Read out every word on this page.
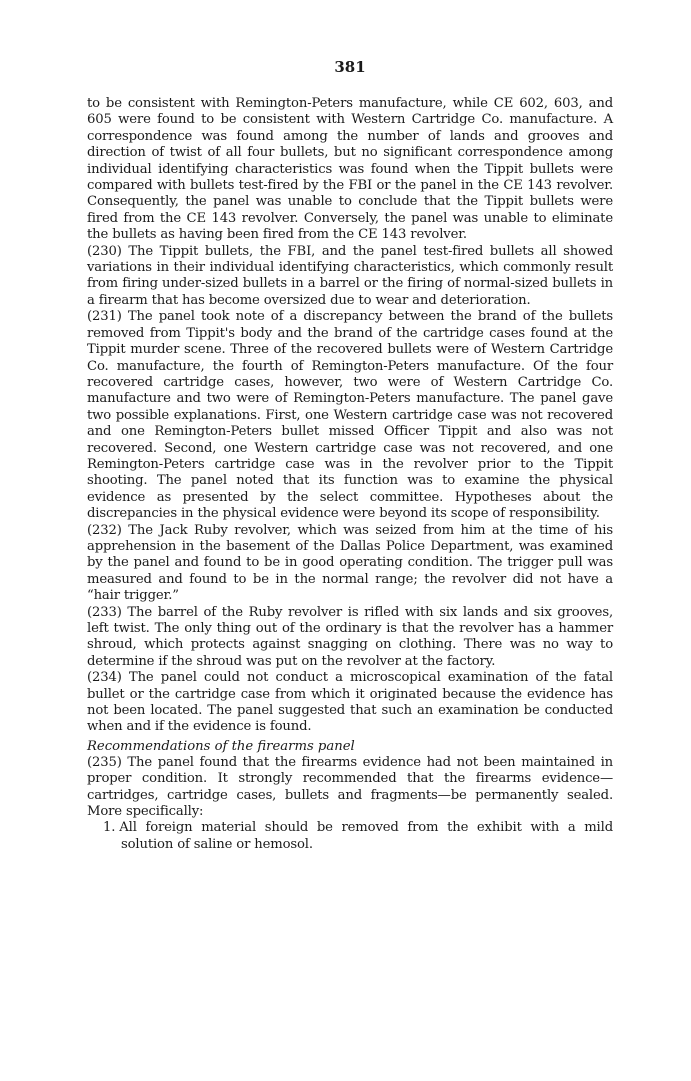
381

to be consistent with Remington-Peters manufacture, while CE 602, 603, and 605 were found to be consistent with Western Cartridge Co. manufacture. A correspondence was found among the number of lands and grooves and direction of twist of all four bullets, but no significant correspondence among individual identifying characteristics was found when the Tippit bullets were compared with bullets test-fired by the FBI or the panel in the CE 143 revolver. Consequently, the panel was unable to conclude that the Tippit bullets were fired from the CE 143 revolver. Conversely, the panel was unable to eliminate the bullets as having been fired from the CE 143 revolver.

(230) The Tippit bullets, the FBI, and the panel test-fired bullets all showed variations in their individual identifying characteristics, which commonly result from firing under-sized bullets in a barrel or the firing of normal-sized bullets in a firearm that has become oversized due to wear and deterioration.

(231) The panel took note of a discrepancy between the brand of the bullets removed from Tippit's body and the brand of the cartridge cases found at the Tippit murder scene. Three of the recovered bullets were of Western Cartridge Co. manufacture, the fourth of Remington-Peters manufacture. Of the four recovered cartridge cases, however, two were of Western Cartridge Co. manufacture and two were of Remington-Peters manufacture. The panel gave two possible explanations. First, one Western cartridge case was not recovered and one Remington-Peters bullet missed Officer Tippit and also was not recovered. Second, one Western cartridge case was not recovered, and one Remington-Peters cartridge case was in the revolver prior to the Tippit shooting. The panel noted that its function was to examine the physical evidence as presented by the select committee. Hypotheses about the discrepancies in the physical evidence were beyond its scope of responsibility.

(232) The Jack Ruby revolver, which was seized from him at the time of his apprehension in the basement of the Dallas Police Department, was examined by the panel and found to be in good operating condition. The trigger pull was measured and found to be in the normal range; the revolver did not have a “hair trigger.”

(233) The barrel of the Ruby revolver is rifled with six lands and six grooves, left twist. The only thing out of the ordinary is that the revolver has a hammer shroud, which protects against snagging on clothing. There was no way to determine if the shroud was put on the revolver at the factory.

(234) The panel could not conduct a microscopical examination of the fatal bullet or the cartridge case from which it originated because the evidence has not been located. The panel suggested that such an examination be conducted when and if the evidence is found.

Recommendations of the firearms panel

(235) The panel found that the firearms evidence had not been maintained in proper condition. It strongly recommended that the firearms evidence—cartridges, cartridge cases, bullets and fragments—be permanently sealed. More specifically:

1. All foreign material should be removed from the exhibit with a mild solution of saline or hemosol.
